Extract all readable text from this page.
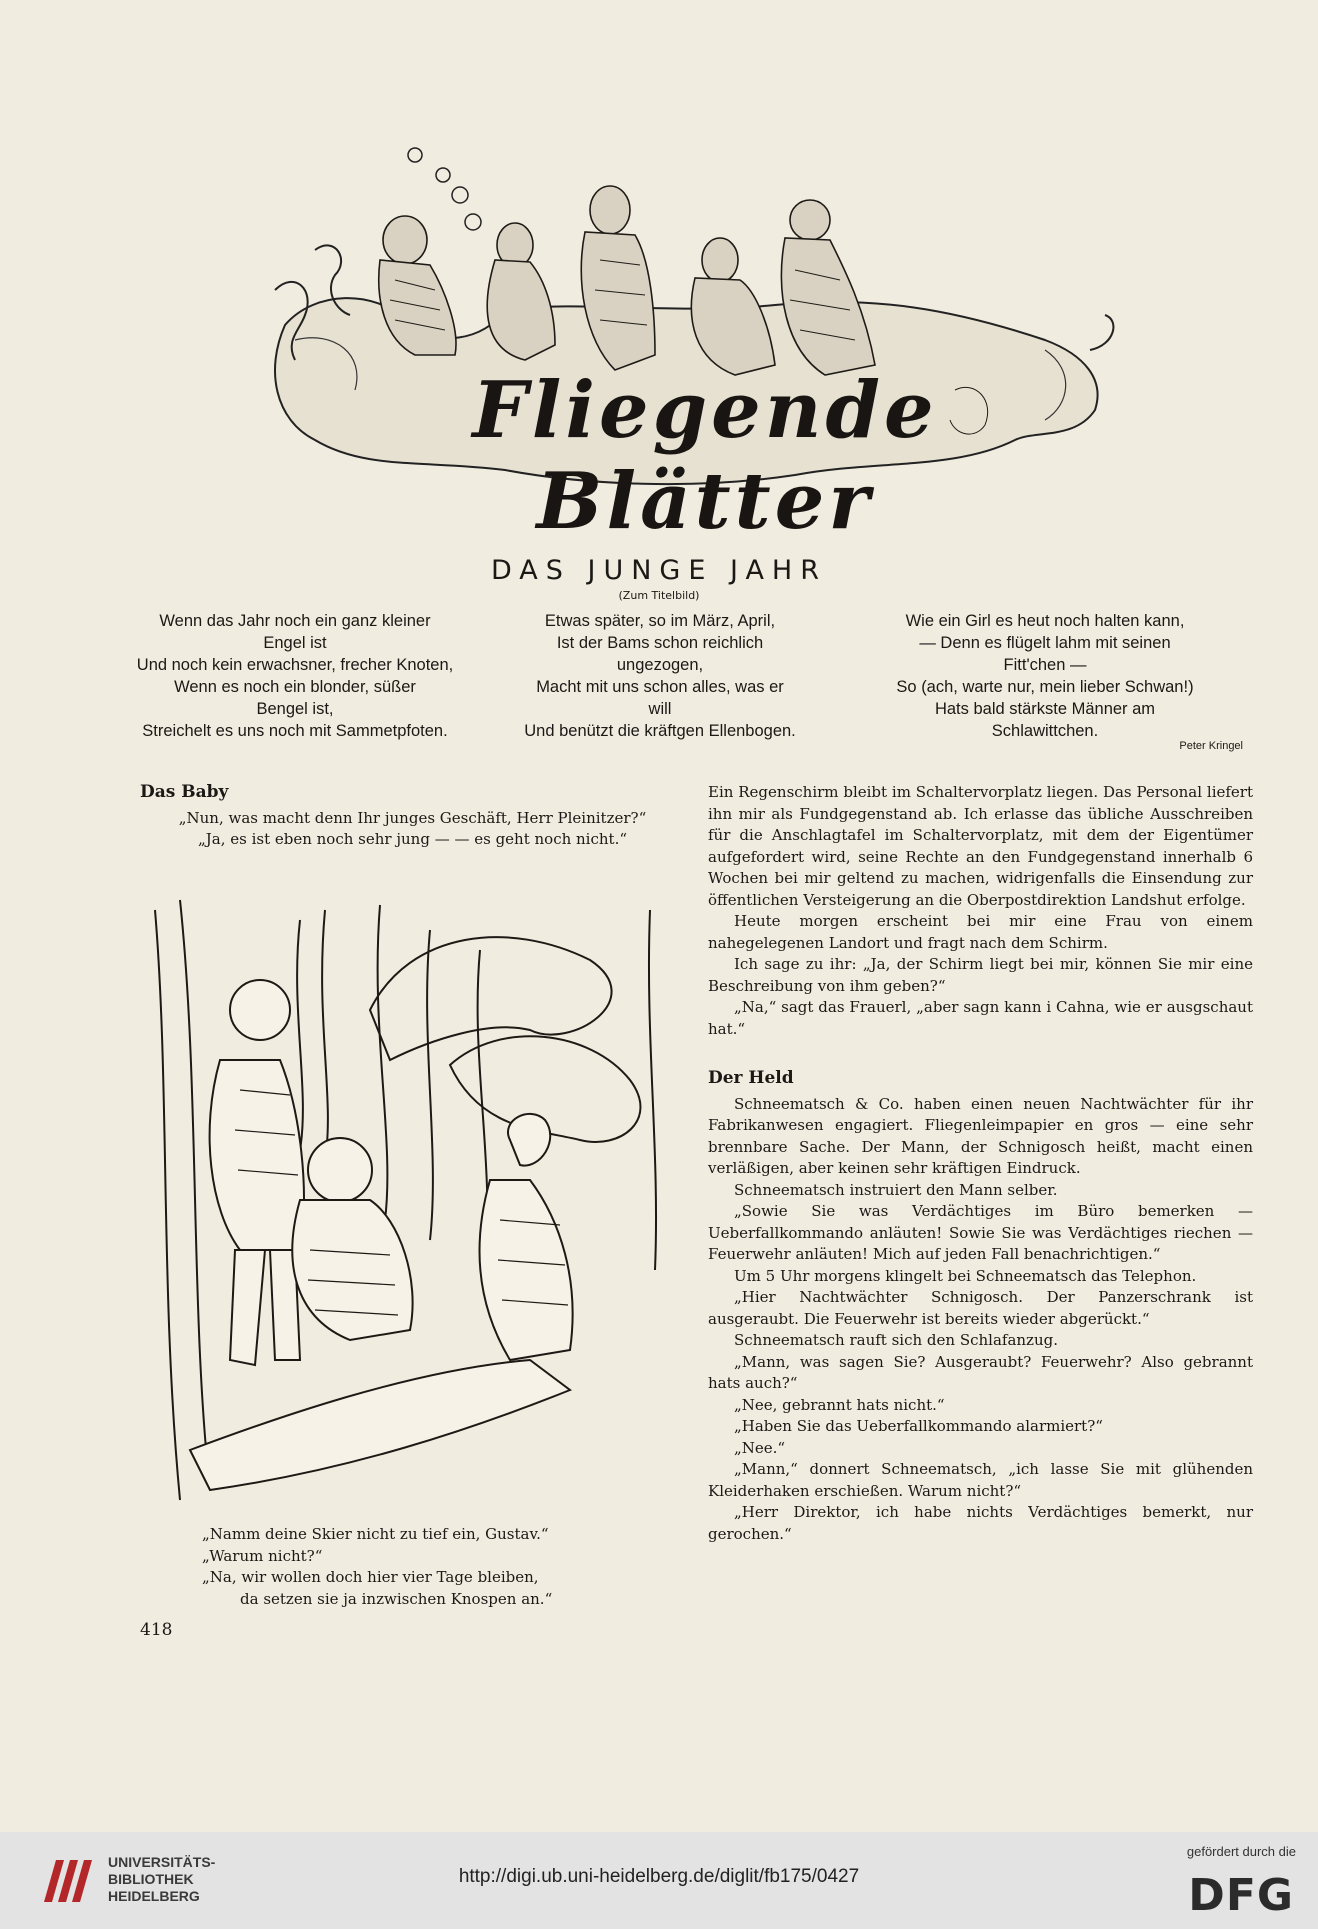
Fliegende Blätter
DAS JUNGE JAHR
(Zum Titelbild)
Wenn das Jahr noch ein ganz kleiner
Engel ist
Und noch kein erwachsner, frecher Knoten,
Wenn es noch ein blonder, süßer
Bengel ist,
Streichelt es uns noch mit Sammetpfoten.
Etwas später, so im März, April,
Ist der Bams schon reichlich
ungezogen,
Macht mit uns schon alles, was er
will
Und benützt die kräftgen Ellenbogen.
Wie ein Girl es heut noch halten kann,
— Denn es flügelt lahm mit seinen
Fitt'chen —
So (ach, warte nur, mein lieber Schwan!)
Hats bald stärkste Männer am
Schlawittchen.
Peter Kringel
Das Baby

„Nun, was macht denn Ihr junges Geschäft, Herr Pleinitzer?“

„Ja, es ist eben noch sehr jung — — es geht noch nicht.“

„Namm deine Skier nicht zu tief ein, Gustav.“

„Warum nicht?“

„Na, wir wollen doch hier vier Tage bleiben,

da setzen sie ja inzwischen Knospen an.“

418

Ein Regenschirm bleibt im Schaltervorplatz liegen. Das Personal liefert ihn mir als Fundgegenstand ab. Ich erlasse das übliche Ausschreiben für die Anschlagtafel im Schaltervorplatz, mit dem der Eigentümer aufgefordert wird, seine Rechte an den Fundgegenstand innerhalb 6 Wochen bei mir geltend zu machen, widrigenfalls die Einsendung zur öffentlichen Versteigerung an die Oberpostdirektion Landshut erfolge.

Heute morgen erscheint bei mir eine Frau von einem nahegelegenen Landort und fragt nach dem Schirm.

Ich sage zu ihr: „Ja, der Schirm liegt bei mir, können Sie mir eine Beschreibung von ihm geben?“

„Na,“ sagt das Frauerl, „aber sagn kann i Cahna, wie er ausgschaut hat.“

Der Held

Schneematsch & Co. haben einen neuen Nachtwächter für ihr Fabrikanwesen engagiert. Fliegenleimpapier en gros — eine sehr brennbare Sache. Der Mann, der Schnigosch heißt, macht einen verläßigen, aber keinen sehr kräftigen Eindruck.

Schneematsch instruiert den Mann selber.

„Sowie Sie was Verdächtiges im Büro bemerken — Ueberfallkommando anläuten! Sowie Sie was Verdächtiges riechen — Feuerwehr anläuten! Mich auf jeden Fall benachrichtigen.“

Um 5 Uhr morgens klingelt bei Schneematsch das Telephon.

„Hier Nachtwächter Schnigosch. Der Panzerschrank ist ausgeraubt. Die Feuerwehr ist bereits wieder abgerückt.“

Schneematsch rauft sich den Schlafanzug.

„Mann, was sagen Sie? Ausgeraubt? Feuerwehr? Also gebrannt hats auch?“

„Nee, gebrannt hats nicht.“

„Haben Sie das Ueberfallkommando alarmiert?“

„Nee.“

„Mann,“ donnert Schneematsch, „ich lasse Sie mit glühenden Kleiderhaken erschießen. Warum nicht?“

„Herr Direktor, ich habe nichts Verdächtiges bemerkt, nur gerochen.“

UNIVERSITÄTS-
BIBLIOTHEK
HEIDELBERG
http://digi.ub.uni-heidelberg.de/diglit/fb175/0427
gefördert durch die
DFG
